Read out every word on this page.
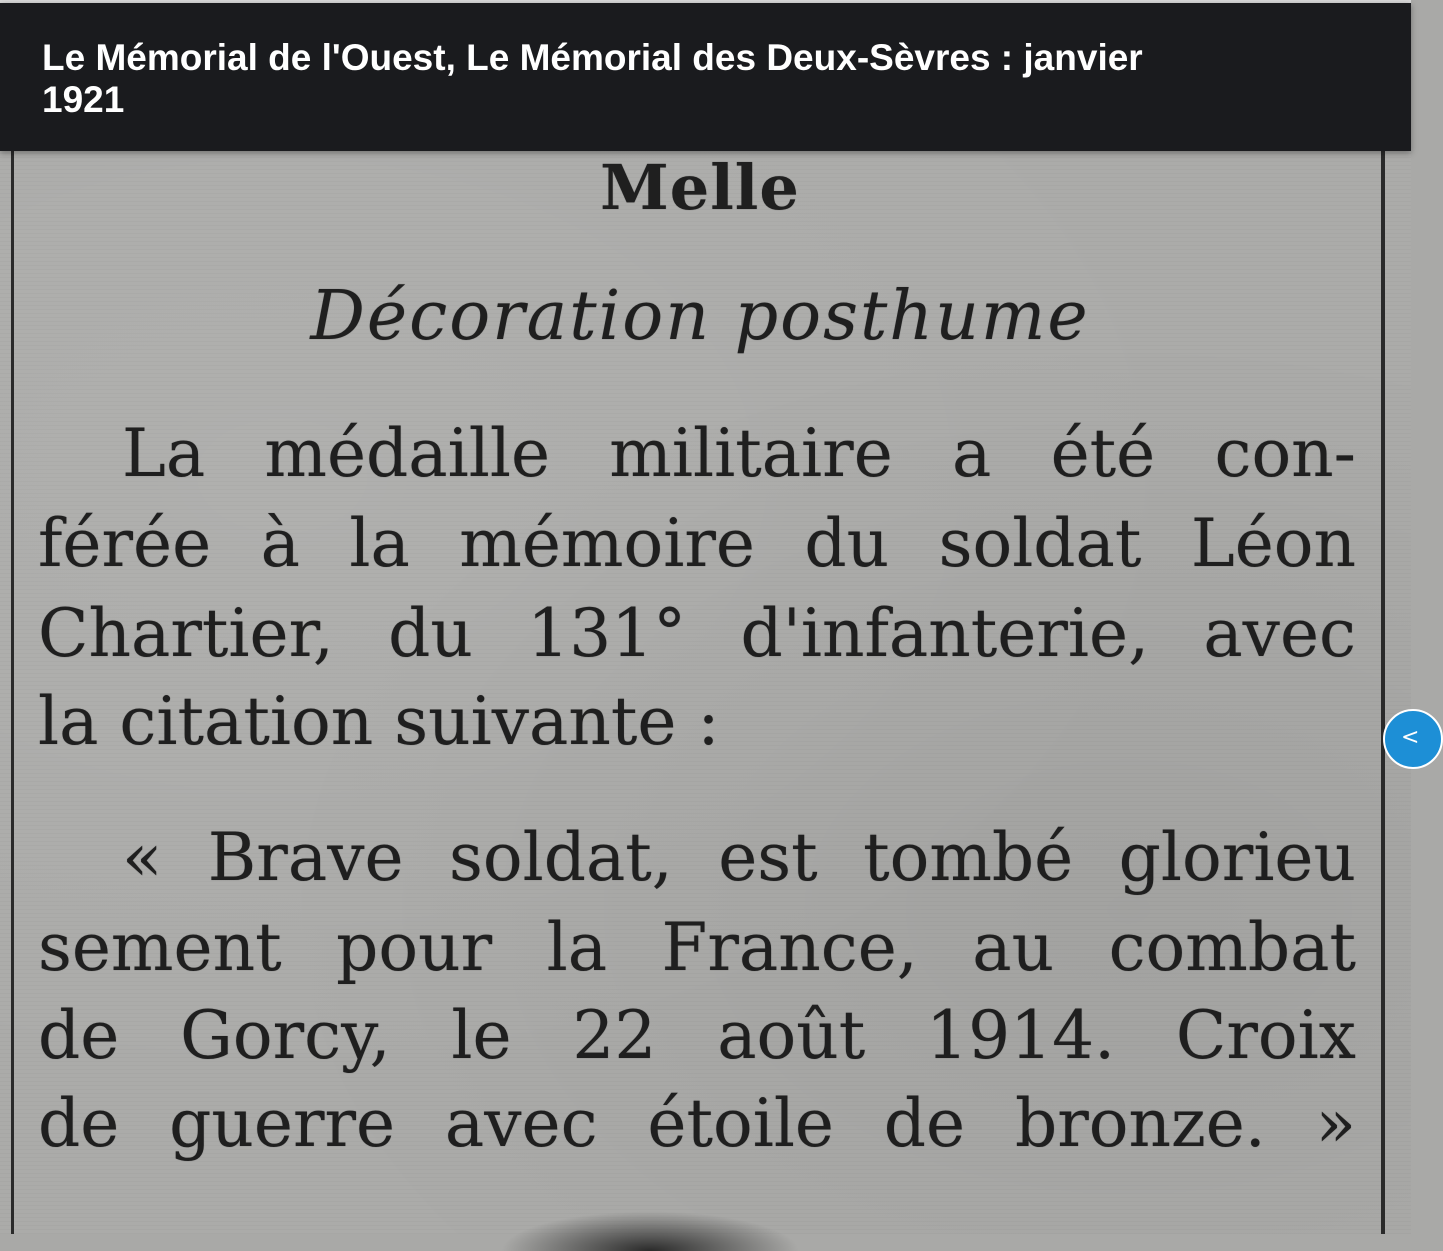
Le Mémorial de l'Ouest, Le Mémorial des Deux-Sèvres : janvier 1921
Melle
Décoration posthume
La médaille militaire a été con-
férée à la mémoire du soldat Léon
Chartier, du 131° d'infanterie, avec
la citation suivante :
« Brave soldat, est tombé glorieu
sement pour la France, au combat
de Gorcy, le 22 août 1914. Croix
de guerre avec étoile de bronze. »
<
